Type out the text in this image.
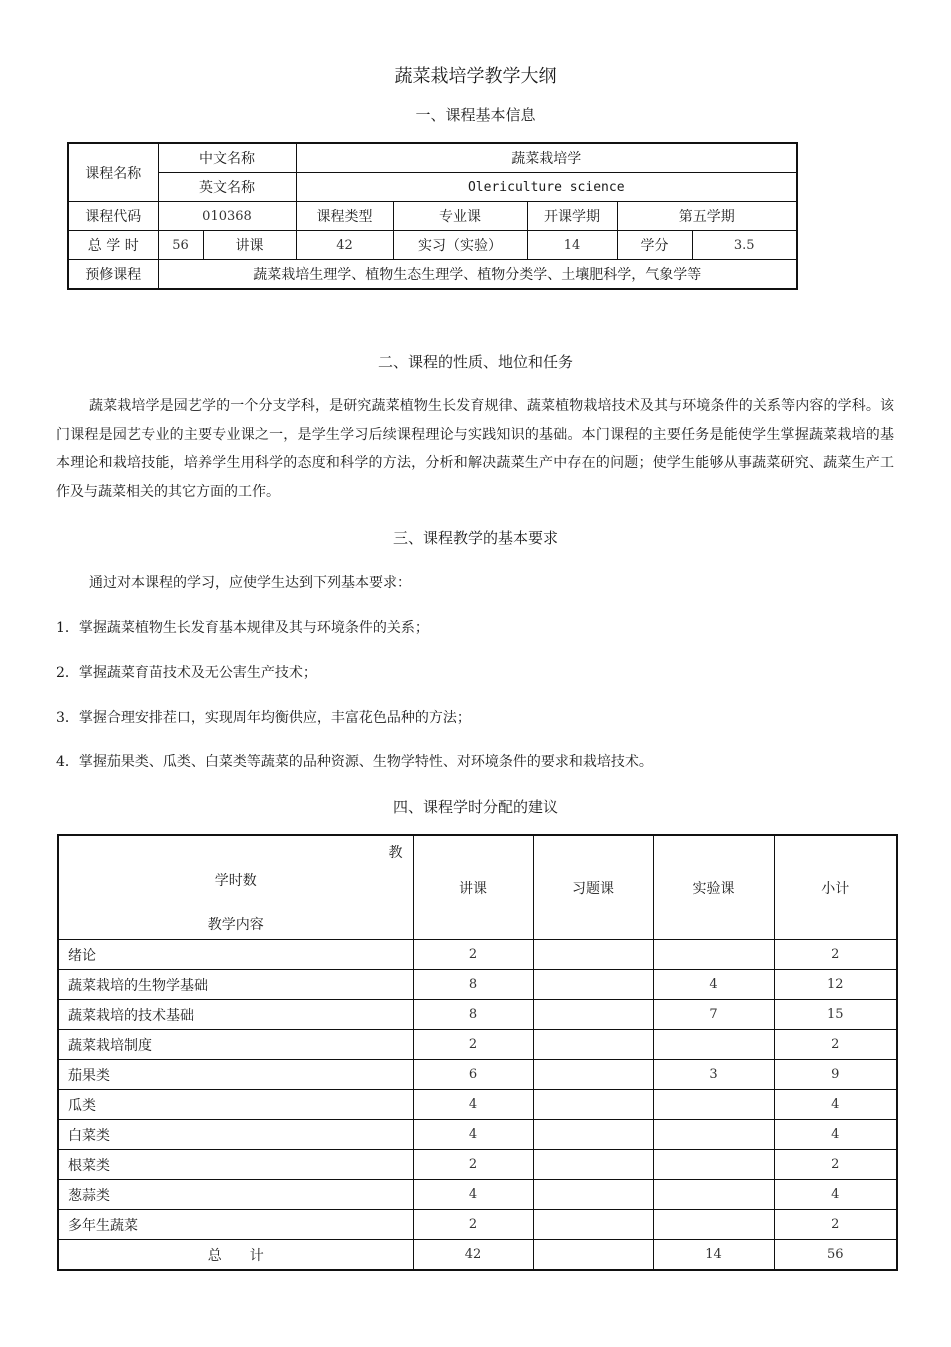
蔬菜栽培学教学大纲
一、课程基本信息
课程名称	中文名称		蔬菜栽培学				
	英文名称		Olericulture science				
课程代码	010368		课程类型	专业课	开课学期	第五学期	
总 学 时	56	讲课	42	实习（实验）	14	学分	3.5
预修课程	蔬菜栽培生理学、植物生态生理学、植物分类学、土壤肥科学，气象学等						
二、课程的性质、地位和任务
蔬菜栽培学是园艺学的一个分支学科，是研究蔬菜植物生长发育规律、蔬菜植物栽培技术及其与环境条件的关系等内容的学科。该门课程是园艺专业的主要专业课之一，是学生学习后续课程理论与实践知识的基础。本门课程的主要任务是能使学生掌握蔬菜栽培的基本理论和栽培技能，培养学生用科学的态度和科学的方法，分析和解决蔬菜生产中存在的问题；使学生能够从事蔬菜研究、蔬菜生产工作及与蔬菜相关的其它方面的工作。
三、课程教学的基本要求
通过对本课程的学习，应使学生达到下列基本要求：
1．掌握蔬菜植物生长发育基本规律及其与环境条件的关系；
2．掌握蔬菜育苗技术及无公害生产技术；
3．掌握合理安排茬口，实现周年均衡供应，丰富花色品种的方法；
4．掌握茄果类、瓜类、白菜类等蔬菜的品种资源、生物学特性、对环境条件的要求和栽培技术。
四、课程学时分配的建议
教
学时数
教学内容	讲课	习题课	实验课	小计
绪论	2			2
蔬菜栽培的生物学基础	8		4	12
蔬菜栽培的技术基础	8		7	15
蔬菜栽培制度	2			2
茄果类	6		3	9
瓜类	4			4
白菜类	4			4
根菜类	2			2
葱蒜类	4			4
多年生蔬菜	2			2
总　　计	42		14	56
